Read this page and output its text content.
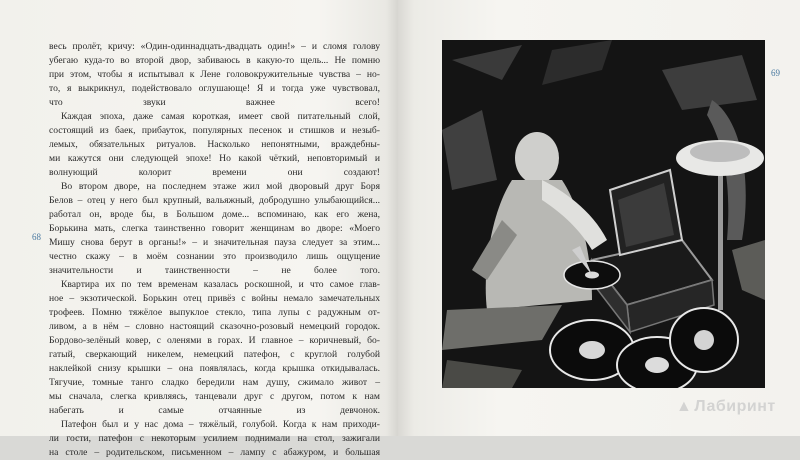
68

весь пролёт, кричу: «Один-одиннадцать-двадцать один!» – и сломя голову
убегаю куда-то во второй двор, забиваюсь в какую-то щель... Не помню
при этом, чтобы я испытывал к Лене головокружительные чувства – но-
то, я выкрикнул, подействовало оглушающе! Я и тогда уже чувствовал,
что звуки важнее всего!

Каждая эпоха, даже самая короткая, имеет свой питательный слой,
состоящий из баек, прибауток, популярных песенок и стишков и незыб-
лемых, обязательных ритуалов. Насколько непонятными, враждебны-
ми кажутся они следующей эпохе! Но какой чёткий, неповторимый и
волнующий колорит времени они создают!

Во втором дворе, на последнем этаже жил мой дворовый друг Боря
Белов – отец у него был крупный, вальяжный, добродушно улыбающийся...
работал он, вроде бы, в Большом доме... вспоминаю, как его жена,
Борькина мать, слегка таинственно говорит женщинам во дворе: «Моего
Мишу снова берут в органы!» – и значительная пауза следует за этим...
честно скажу – в моём сознании это производило лишь ощущение
значительности и таинственности – не более того.

Квартира их по тем временам казалась роскошной, и что самое глав-
ное – экзотической. Борькин отец привёз с войны немало замечательных
трофеев. Помню тяжёлое выпуклое стекло, типа лупы с радужным от-
ливом, а в нём – словно настоящий сказочно-розовый немецкий городок.
Бордово-зелёный ковер, с оленями в горах. И главное – коричневый, бо-
гатый, сверкающий никелем, немецкий патефон, с круглой голубой
наклейкой снизу крышки – она появлялась, когда крышка откидывалась.
Тягучие, томные танго сладко бередили нам душу, сжимало живот –
мы сначала, слегка кривляясь, танцевали друг с другом, потом к нам
набегать и самые отчаянные из девчонок.

Патефон был и у нас дома – тяжёлый, голубой. Когда к нам приходи-
ли гости, патефон с некоторым усилием поднимали на стол, зажигали
на столе – родительском, письменном – лампу с абажуром, и большая

69
▲ Лабиринт
